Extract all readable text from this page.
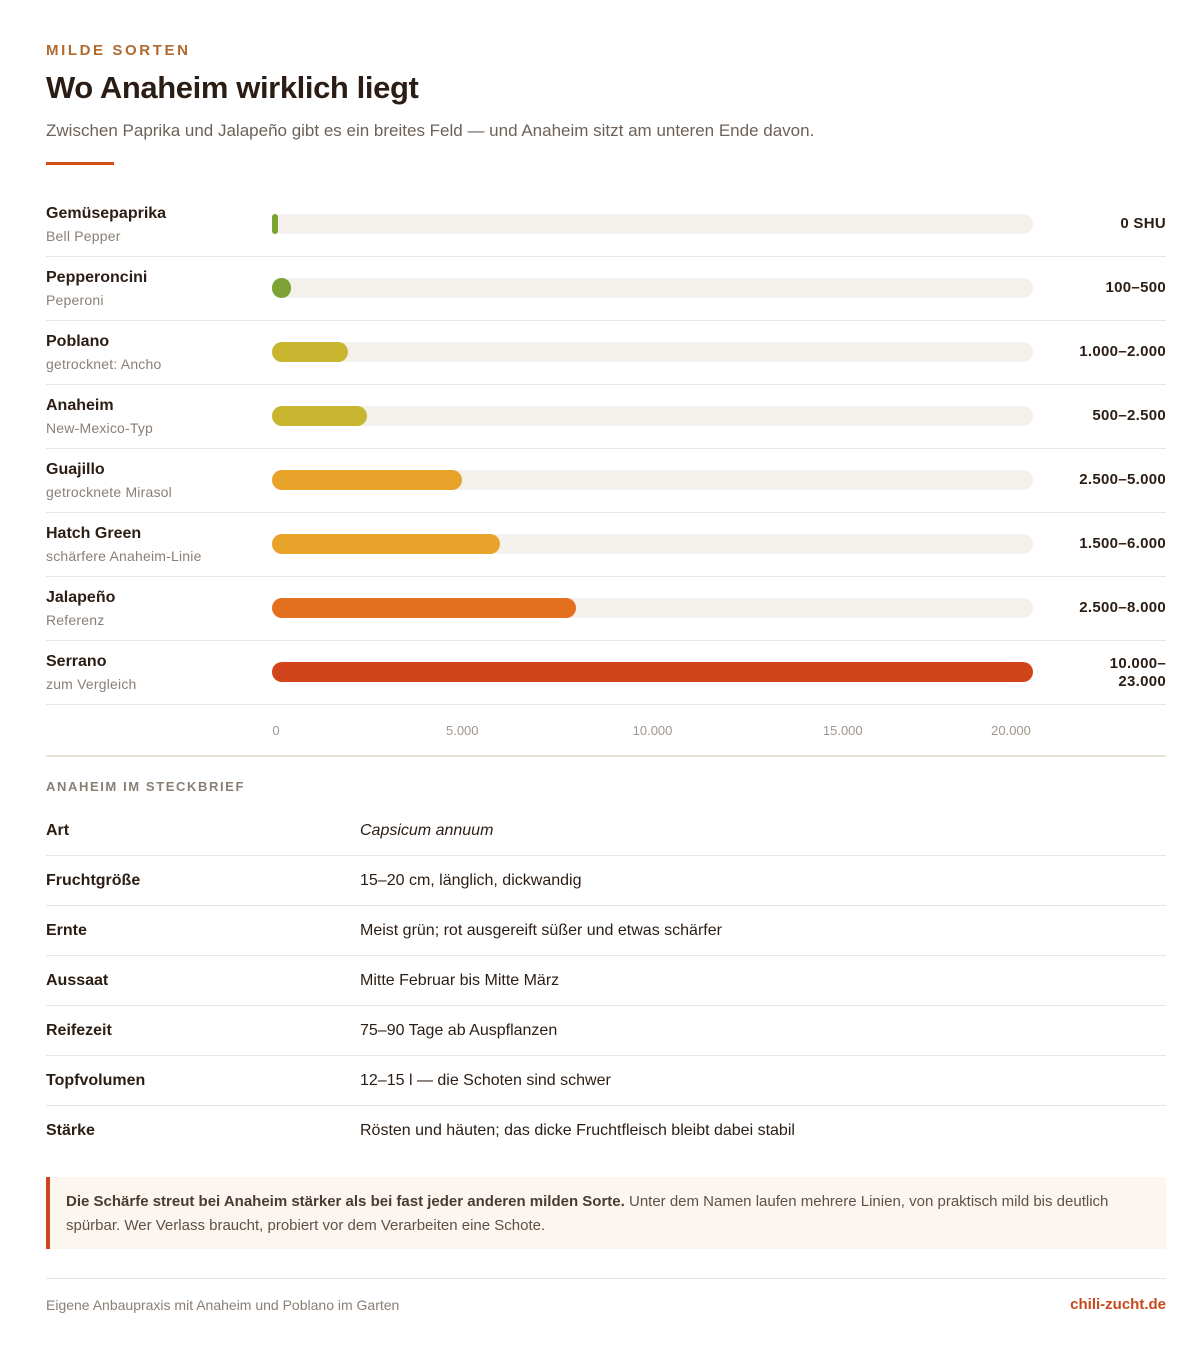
MILDE SORTEN
Wo Anaheim wirklich liegt

Zwischen Paprika und Jalapeño gibt es ein breites Feld — und Anaheim sitzt am unteren Ende davon.

Gemüsepaprika
Bell Pepper
0 SHU
Pepperoncini
Peperoni
100–500
Poblano
getrocknet: Ancho
1.000–2.000
Anaheim
New-Mexico-Typ
500–2.500
Guajillo
getrocknete Mirasol
2.500–5.000
Hatch Green
schärfere Anaheim-Linie
1.500–6.000
Jalapeño
Referenz
2.500–8.000
Serrano
zum Vergleich
10.000–
23.000
0	5.000	10.000	15.000	20.000
ANAHEIM IM STECKBRIEF
Art	Capsicum annuum
Fruchtgröße	15–20 cm, länglich, dickwandig
Ernte	Meist grün; rot ausgereift süßer und etwas schärfer
Aussaat	Mitte Februar bis Mitte März
Reifezeit	75–90 Tage ab Auspflanzen
Topfvolumen	12–15 l — die Schoten sind schwer
Stärke	Rösten und häuten; das dicke Fruchtfleisch bleibt dabei stabil
Die Schärfe streut bei Anaheim stärker als bei fast jeder anderen milden Sorte. Unter dem Namen laufen mehrere Linien, von praktisch mild bis deutlich spürbar. Wer Verlass braucht, probiert vor dem Verarbeiten eine Schote.
Eigene Anbaupraxis mit Anaheim und Poblano im Garten	chili-zucht.de
